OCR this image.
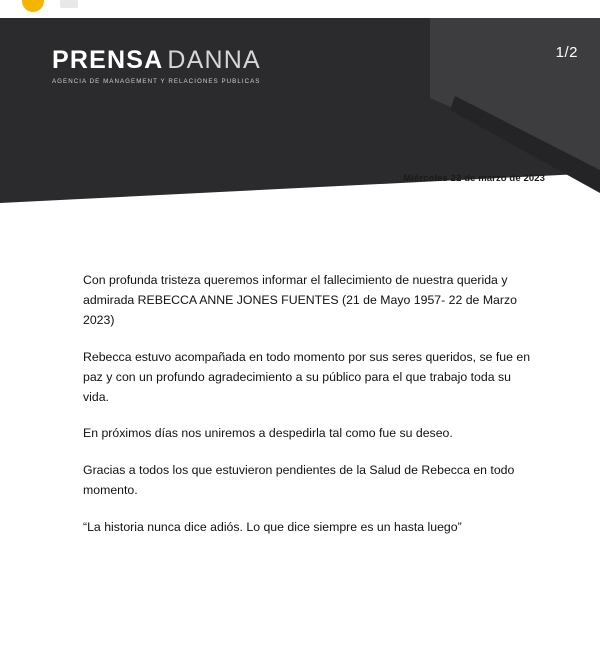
PRENSA DANNA
AGENCIA DE MANAGEMENT Y RELACIONES PUBLICAS
1/2
Miércoles 22 de marzo de 2023

Con profunda tristeza queremos informar el fallecimiento de nuestra querida y admirada REBECCA ANNE JONES FUENTES (21 de Mayo 1957- 22 de Marzo 2023)

Rebecca estuvo acompañada en todo momento por sus seres queridos, se fue en paz y con un profundo agradecimiento a su público para el que trabajo toda su vida.

En próximos días nos uniremos a despedirla tal como fue su deseo.

Gracias a todos los que estuvieron pendientes de la Salud de Rebecca en todo momento.

“La historia nunca dice adiós. Lo que dice siempre es un hasta luego”
